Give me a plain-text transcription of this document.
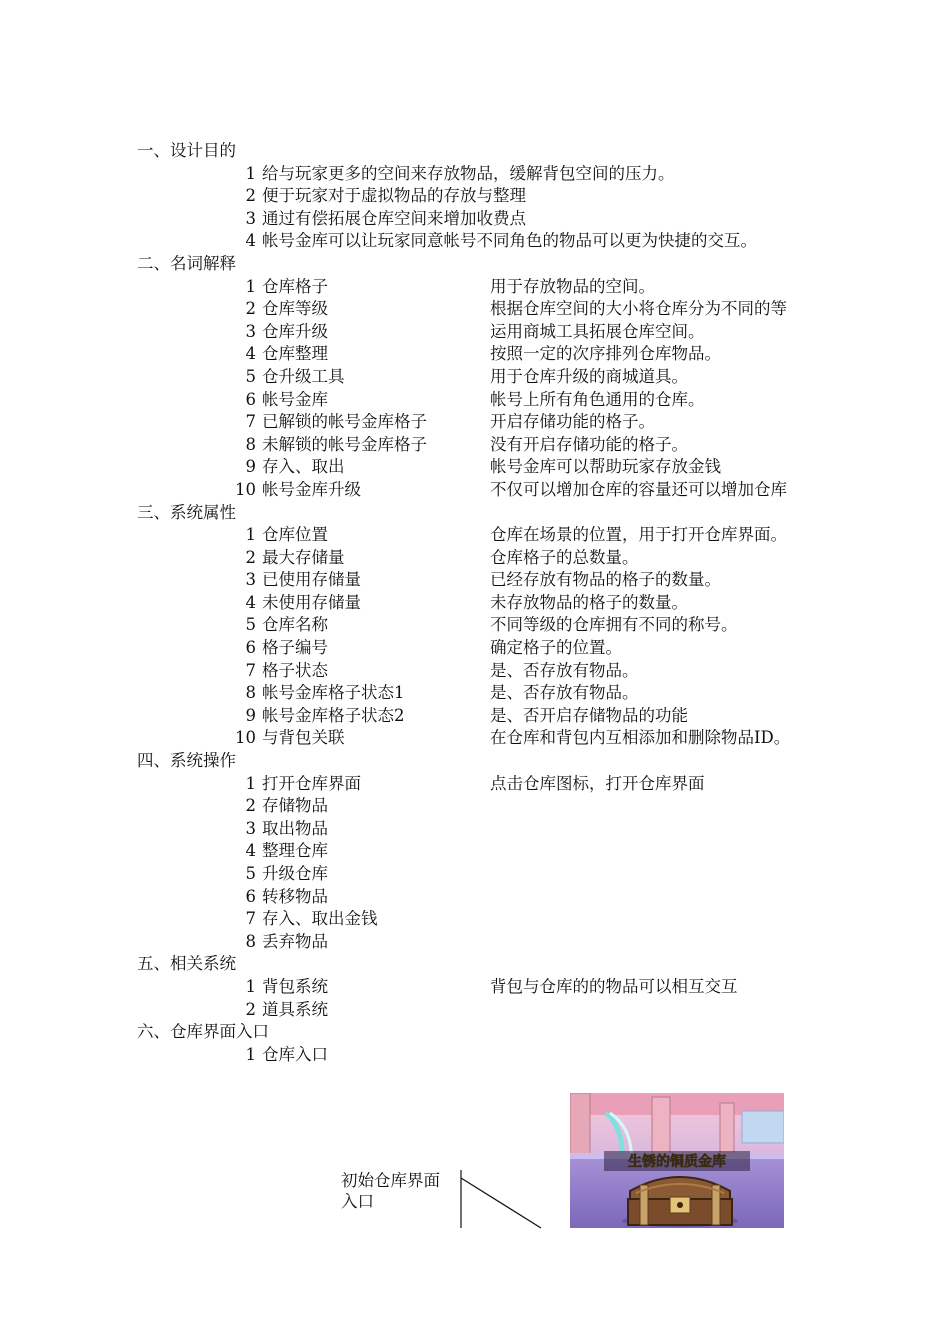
一、设计目的
1 给与玩家更多的空间来存放物品，缓解背包空间的压力。
2 便于玩家对于虚拟物品的存放与整理
3 通过有偿拓展仓库空间来增加收费点
4 帐号金库可以让玩家同意帐号不同角色的物品可以更为快捷的交互。
二、名词解释
1 仓库格子	用于存放物品的空间。
2 仓库等级	根据仓库空间的大小将仓库分为不同的等
3 仓库升级	运用商城工具拓展仓库空间。
4 仓库整理	按照一定的次序排列仓库物品。
5 仓升级工具	用于仓库升级的商城道具。
6 帐号金库	帐号上所有角色通用的仓库。
7 已解锁的帐号金库格子	开启存储功能的格子。
8 未解锁的帐号金库格子	没有开启存储功能的格子。
9 存入、取出	帐号金库可以帮助玩家存放金钱
10 帐号金库升级	不仅可以增加仓库的容量还可以增加仓库
三、系统属性
1 仓库位置	仓库在场景的位置，用于打开仓库界面。
2 最大存储量	仓库格子的总数量。
3 已使用存储量	已经存放有物品的格子的数量。
4 未使用存储量	未存放物品的格子的数量。
5 仓库名称	不同等级的仓库拥有不同的称号。
6 格子编号	确定格子的位置。
7 格子状态	是、否存放有物品。
8 帐号金库格子状态1	是、否存放有物品。
9 帐号金库格子状态2	是、否开启存储物品的功能
10 与背包关联	在仓库和背包内互相添加和删除物品ID。
四、系统操作
1 打开仓库界面	点击仓库图标，打开仓库界面
2 存储物品
3 取出物品
4 整理仓库
5 升级仓库
6 转移物品
7 存入、取出金钱
8 丢弃物品
五、相关系统
1 背包系统	背包与仓库的的物品可以相互交互
2 道具系统
六、仓库界面入口
1 仓库入口
初始仓库界面入口
生锈的铜质金库
